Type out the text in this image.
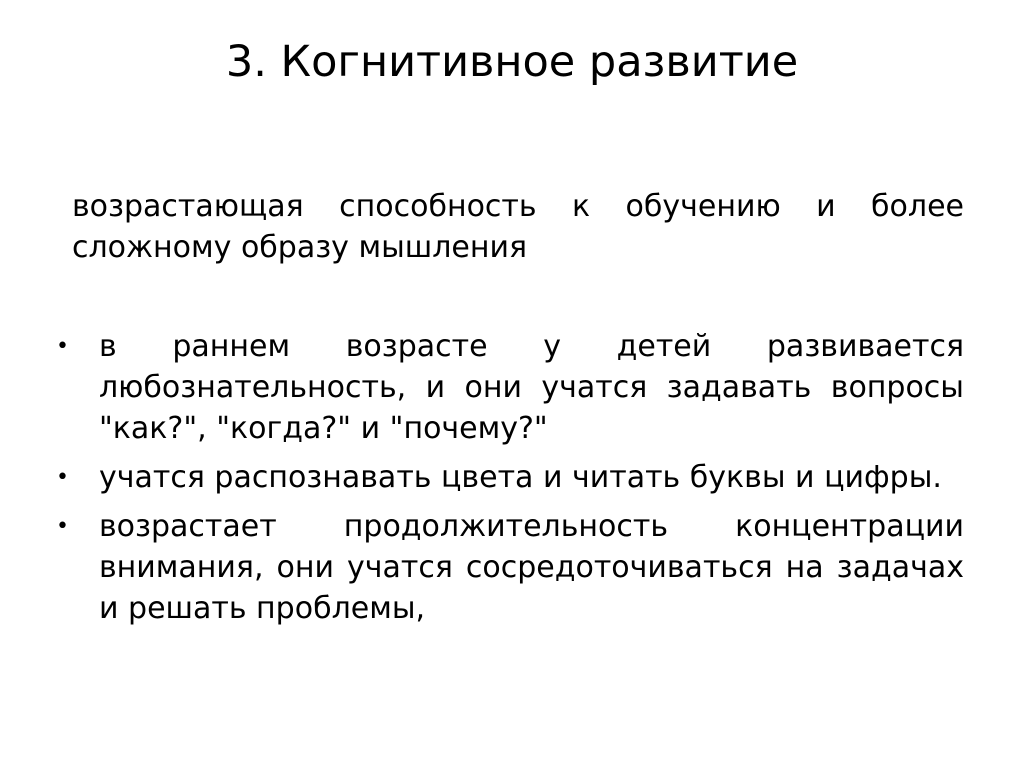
3. Когнитивное развитие

возрастающая способность к обучению и более сложному образу мышления

• в раннем возрасте у детей развивается любознательность, и они учатся задавать вопросы "как?", "когда?" и "почему?"
• учатся распознавать цвета и читать буквы и цифры.
• возрастает продолжительность концентрации внимания, они учатся сосредоточиваться на задачах и решать проблемы,
